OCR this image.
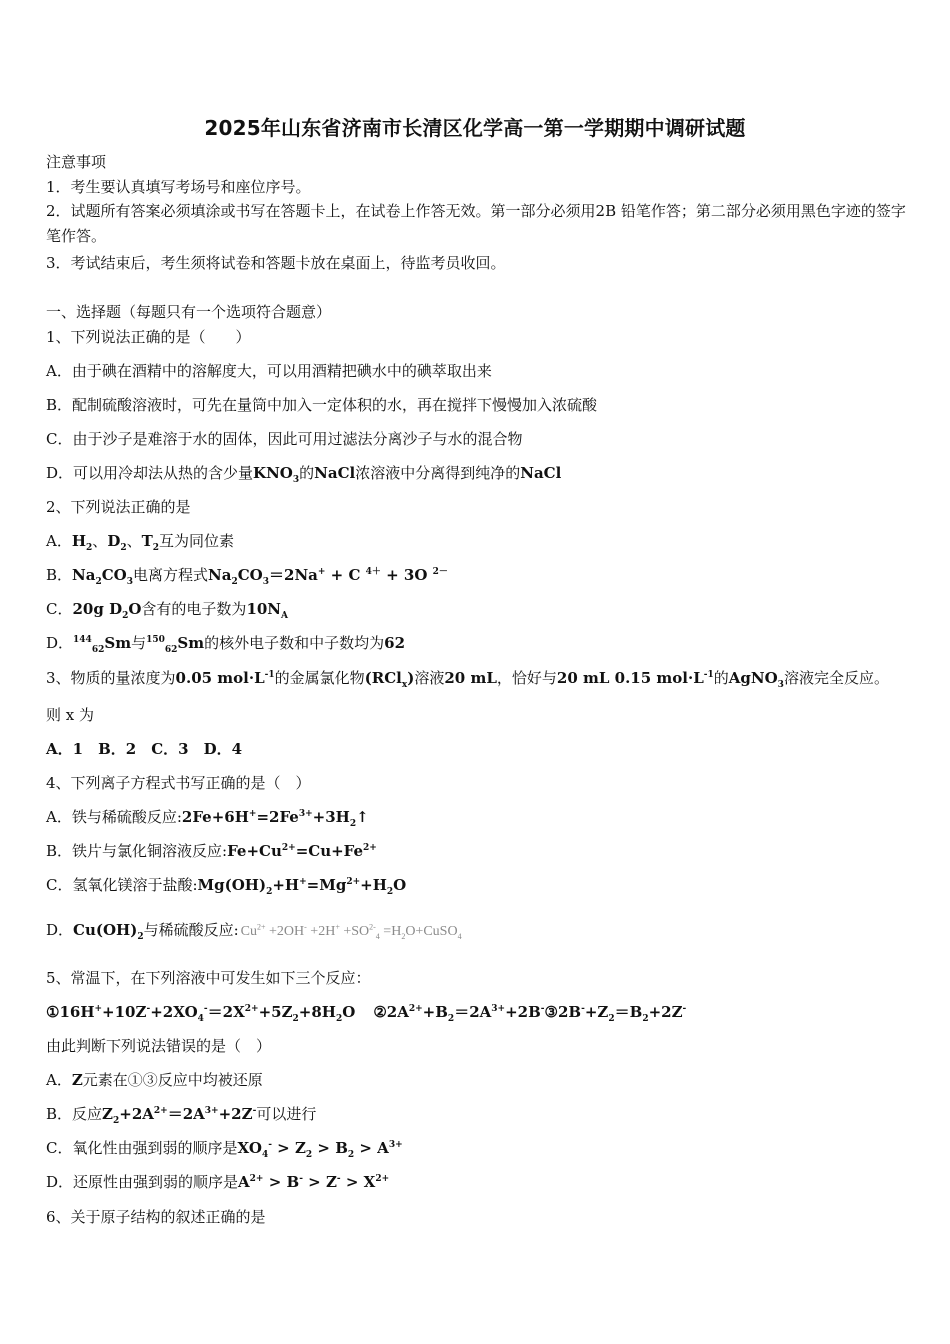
2025年山东省济南市长清区化学高一第一学期期中调研试题
注意事项
1．考生要认真填写考场号和座位序号。
2．试题所有答案必须填涂或书写在答题卡上，在试卷上作答无效。第一部分必须用2B 铅笔作答；第二部分必须用黑色字迹的签字笔作答。
3．考试结束后，考生须将试卷和答题卡放在桌面上，待监考员收回。
一、选择题（每题只有一个选项符合题意）
1、下列说法正确的是（　　）
A．由于碘在酒精中的溶解度大，可以用酒精把碘水中的碘萃取出来
B．配制硫酸溶液时，可先在量筒中加入一定体积的水，再在搅拌下慢慢加入浓硫酸
C．由于沙子是难溶于水的固体，因此可用过滤法分离沙子与水的混合物
D．可以用冷却法从热的含少量$KNO_3$的NaCl浓溶液中分离得到纯净的NaCl
2、下列说法正确的是
A．$H_2$、$D_2$、$T_2$互为同位素
B．$Na_2CO_3$电离方程式$Na_2CO_3=2Na^+ + C$ $^{4+}$ + 3O $^{2-}$
C．20g $D_2O$含有的电子数为$10N_A$
D．$^{144}_{62}$Sm与$^{150}_{62}$Sm的核外电子数和中子数均为62
3、物质的量浓度为0.05 $mol\cdot L^{-1}$的金属氯化物(RCl$_x$)溶液20 mL，恰好与20 mL 0.15 $mol\cdot L^{-1}$的AgNO$_3$溶液完全反应。
则 x 为
A．1　B．2　C．3　D．4
4、下列离子方程式书写正确的是（　）
A．铁与稀硫酸反应$:2Fe+6H^+=2Fe^{3+}+3H_2↑$
B．铁片与氯化铜溶液反应$:Fe+Cu^{2+}=Cu+Fe^{2+}$
C．氢氧化镁溶于盐酸$:Mg(OH)_2+H^+=Mg^{2+}+H_2O$
D．$Cu(OH)_2$与稀硫酸反应: $Cu^{2+} +2OH^- +2H^+ +SO^{2-}_4$ $=H_2O+CuSO_4$
5、常温下，在下列溶液中可发生如下三个反应：
$①16H^++10Z^-+2XO_4^-=2X^{2+}+5Z_2+8H_2O$ $②2A^{2+}+B_2=2A^{3+}+2B^-③2B^-+Z_2=B_2+2Z^-$
由此判断下列说法错误的是（　）
A．Z元素在①③反应中均被还原
B．反应$Z_2+2A^{2+}=2A^{3+}+2Z^-$可以进行
C．氧化性由强到弱的顺序是$XO_4^- > Z_2 > B_2 > A^{3+}$
D．还原性由强到弱的顺序是$A^{2+} > B^- > Z^- > X^{2+}$
6、关于原子结构的叙述正确的是
